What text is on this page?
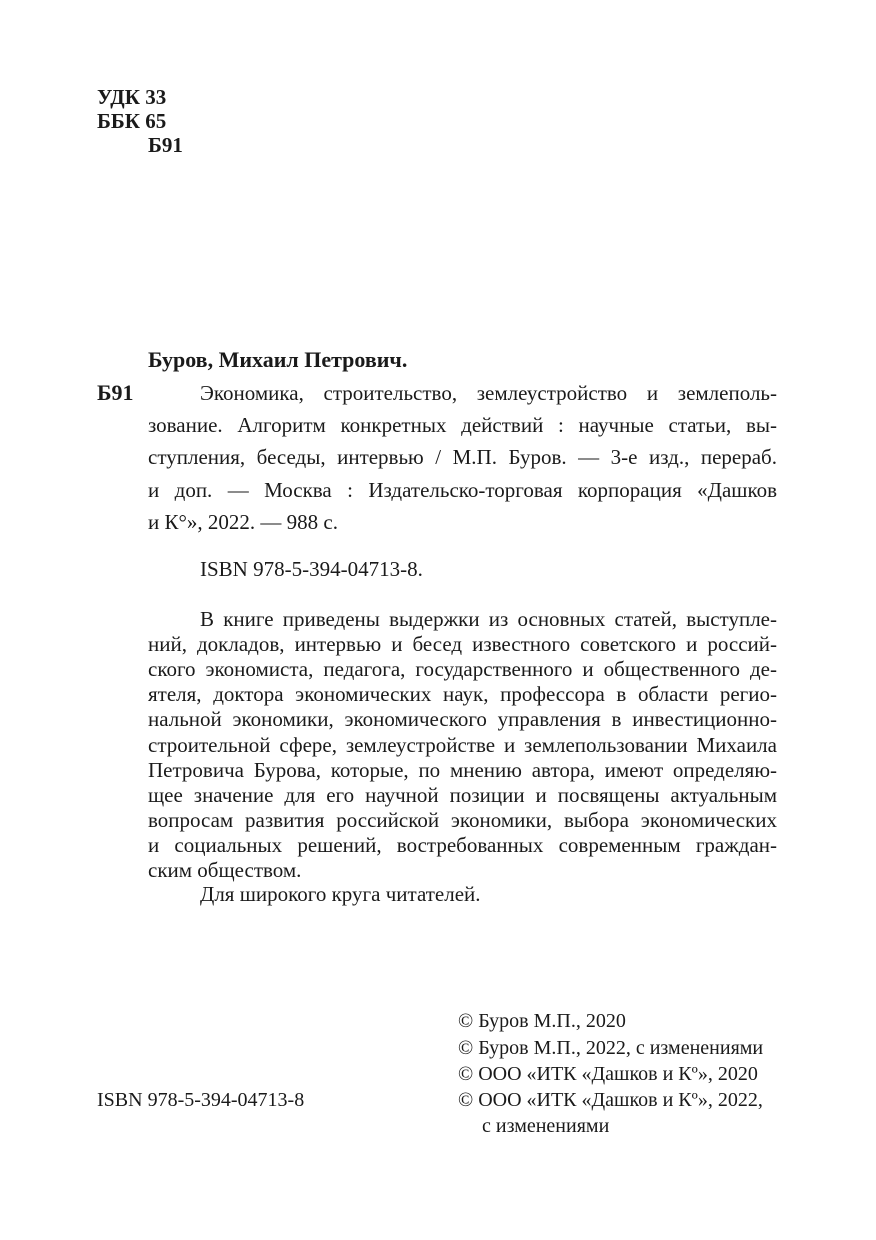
УДК 33
ББК 65
Б91
Буров, Михаил Петрович.
Б91	Экономика, строительство, землеустройство и землеполь-
зование. Алгоритм конкретных действий : научные статьи, вы-
ступления, беседы, интервью / М.П. Буров. — 3-е изд., перераб.
и доп. — Москва : Издательско-торговая корпорация «Дашков
и К°», 2022. — 988 с.
ISBN 978-5-394-04713-8.
В книге приведены выдержки из основных статей, выступле-
ний, докладов, интервью и бесед известного советского и россий-
ского экономиста, педагога, государственного и общественного де-
ятеля, доктора экономических наук, профессора в области регио-
нальной экономики, экономического управления в инвестиционно-
строительной сфере, землеустройстве и землепользовании Михаила
Петровича Бурова, которые, по мнению автора, имеют определяю-
щее значение для его научной позиции и посвящены актуальным
вопросам развития российской экономики, выбора экономических
и социальных решений, востребованных современным граждан-
ским обществом.
Для широкого круга читателей.
© Буров М.П., 2020
© Буров М.П., 2022, с изменениями
© ООО «ИТК «Дашков и Кº», 2020
© ООО «ИТК «Дашков и Кº», 2022,
с изменениями
ISBN 978-5-394-04713-8
